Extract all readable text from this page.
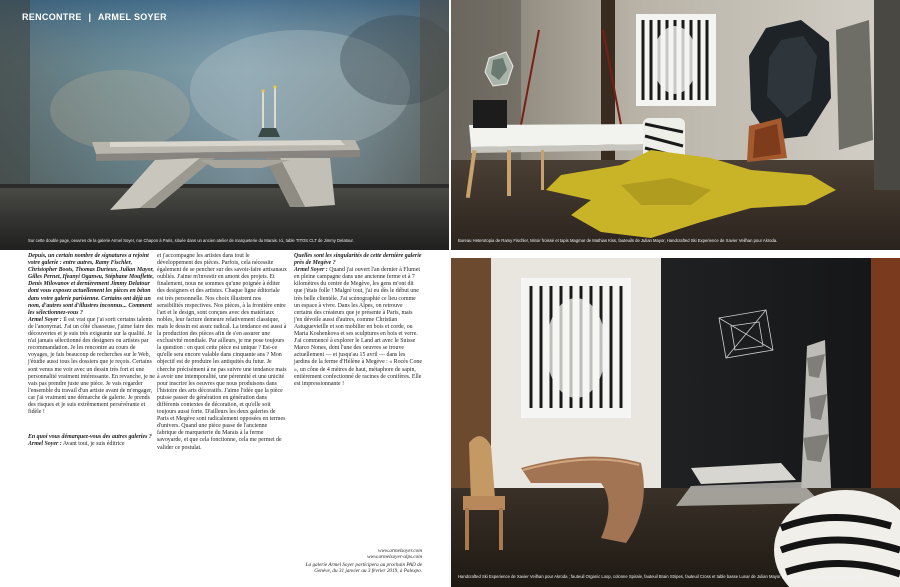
RENCONTRE | ARMEL SOYER
Sur cette double page, oeuvres de la galerie Armel Soyer, rue Chapon à Paris, située dans un ancien atelier de marqueterie du Marais. Ici, table TITOS CLT de Jimmy Delatour.	Bureau Heterotopia de Ramy Fischler, Miroir froissé et tapis Magmar de Mathias Kiss, fauteuils de Julian Mayor, Handcrafted Ski Experience de Xavier Veilhan pour Akroda.
Handcrafted Ski Experience de Xavier Veilhan pour Akroda ; fauteuil Organic Loop, colonne Spirale, fauteuil Brain Stripes, fauteuil Cross et table basse Lunar de Julian Mayor ; bureau Contoured Cruise d'Ifeanyi Oganwu.

Depuis, un certain nombre de signatures a rejoint votre galerie : entre autres, Ramy Fischler, Christopher Boots, Thomas Durieux, Julian Mayor, Gilles Pernet, Ifeanyi Oganwu, Stéphane Mouflette, Denis Milovanov et dernièrement Jimmy Delatour dont vous exposez actuellement les pièces en béton dans votre galerie parisienne. Certains ont déjà un nom, d'autres sont d'illustres inconnus... Comment les sélectionnez-vous ?

Armel Soyer : Il est vrai que j'ai sorti certains talents de l'anonymat. J'ai un côté chasseuse, j'aime faire des découvertes et je suis très exigeante sur la qualité. Je n'ai jamais sélectionné des designers ou artistes par recommandation. Je les rencontre au cours de voyages, je fais beaucoup de recherches sur le Web, j'étudie aussi tous les dossiers que je reçois. Certains sont venus me voir avec un dessin très fort et une personnalité vraiment intéressante. En revanche, je ne vais pas prendre juste une pièce. Je vais regarder l'ensemble du travail d'un artiste avant de m'engager, car j'ai vraiment une démarche de galerie. Je prends des risques et je suis extrêmement persévérante et fidèle !

En quoi vous démarquez-vous des autres galeries ?

Armel Soyer : Avant tout, je suis éditrice

et j'accompagne les artistes dans tout le développement des pièces. Parfois, cela nécessite également de se pencher sur des savoir-faire artisanaux oubliés. J'aime m'investir en amont des projets. Et finalement, nous ne sommes qu'une poignée à éditer des designers et des artistes. Chaque ligne éditoriale est très personnelle. Nos choix illustrent nos sensibilités respectives. Nos pièces, à la frontière entre l'art et le design, sont conçues avec des matériaux nobles, leur facture demeure relativement classique, mais le dessin est assez radical. La tendance est aussi à la production des pièces afin de s'en assurer une exclusivité mondiale. Par ailleurs, je me pose toujours la question : en quoi cette pièce est unique ? Est-ce qu'elle sera encore valable dans cinquante ans ? Mon objectif est de produire les antiquités du futur. Je cherche précisément à ne pas suivre une tendance mais à avoir une intemporalité, une pérennité et une unicité pour inscrire les oeuvres que nous produisons dans l'histoire des arts décoratifs. J'aime l'idée que la pièce puisse passer de génération en génération dans différents contextes de décoration, et qu'elle soit toujours aussi forte. D'ailleurs les deux galeries de Paris et Megève sont radicalement opposées en termes d'univers. Quand une pièce passe de l'ancienne fabrique de marqueterie du Marais à la ferme savoyarde, et que cela fonctionne, cela me permet de valider ce postulat.

www.armelsoyer.com
www.armelsoyer-alps.com

Quelles sont les singularités de cette dernière galerie près de Megève ?

Armel Soyer : Quand j'ai ouvert l'an dernier à Flumet en pleine campagne dans une ancienne ferme et à 7 kilomètres du centre de Megève, les gens m'ont dit que j'étais folle ! Malgré tout, j'ai eu dès le début une très belle clientèle. J'ai scénographié ce lieu comme un espace à vivre. Dans les Alpes, on retrouve certains des créateurs que je présente à Paris, mais j'en dévoile aussi d'autres, comme Christian Astuguevieille et son mobilier en bois et corde, ou Maria Koshenkova et ses sculptures en bois et verre. J'ai commencé à explorer le Land art avec le Suisse Marco Nones, dont l'une des oeuvres se trouve actuellement — et jusqu'au 15 avril — dans les jardins de la ferme d'Hélène à Megève : « Rocès Cone », un cône de 4 mètres de haut, métaphore de sapin, entièrement confectionné de racines de conifères. Elle est impressionnante !

La galerie Armel Soyer participera au prochain PAD de Genève, du 31 janvier au 3 février 2019, à Palexpo.
